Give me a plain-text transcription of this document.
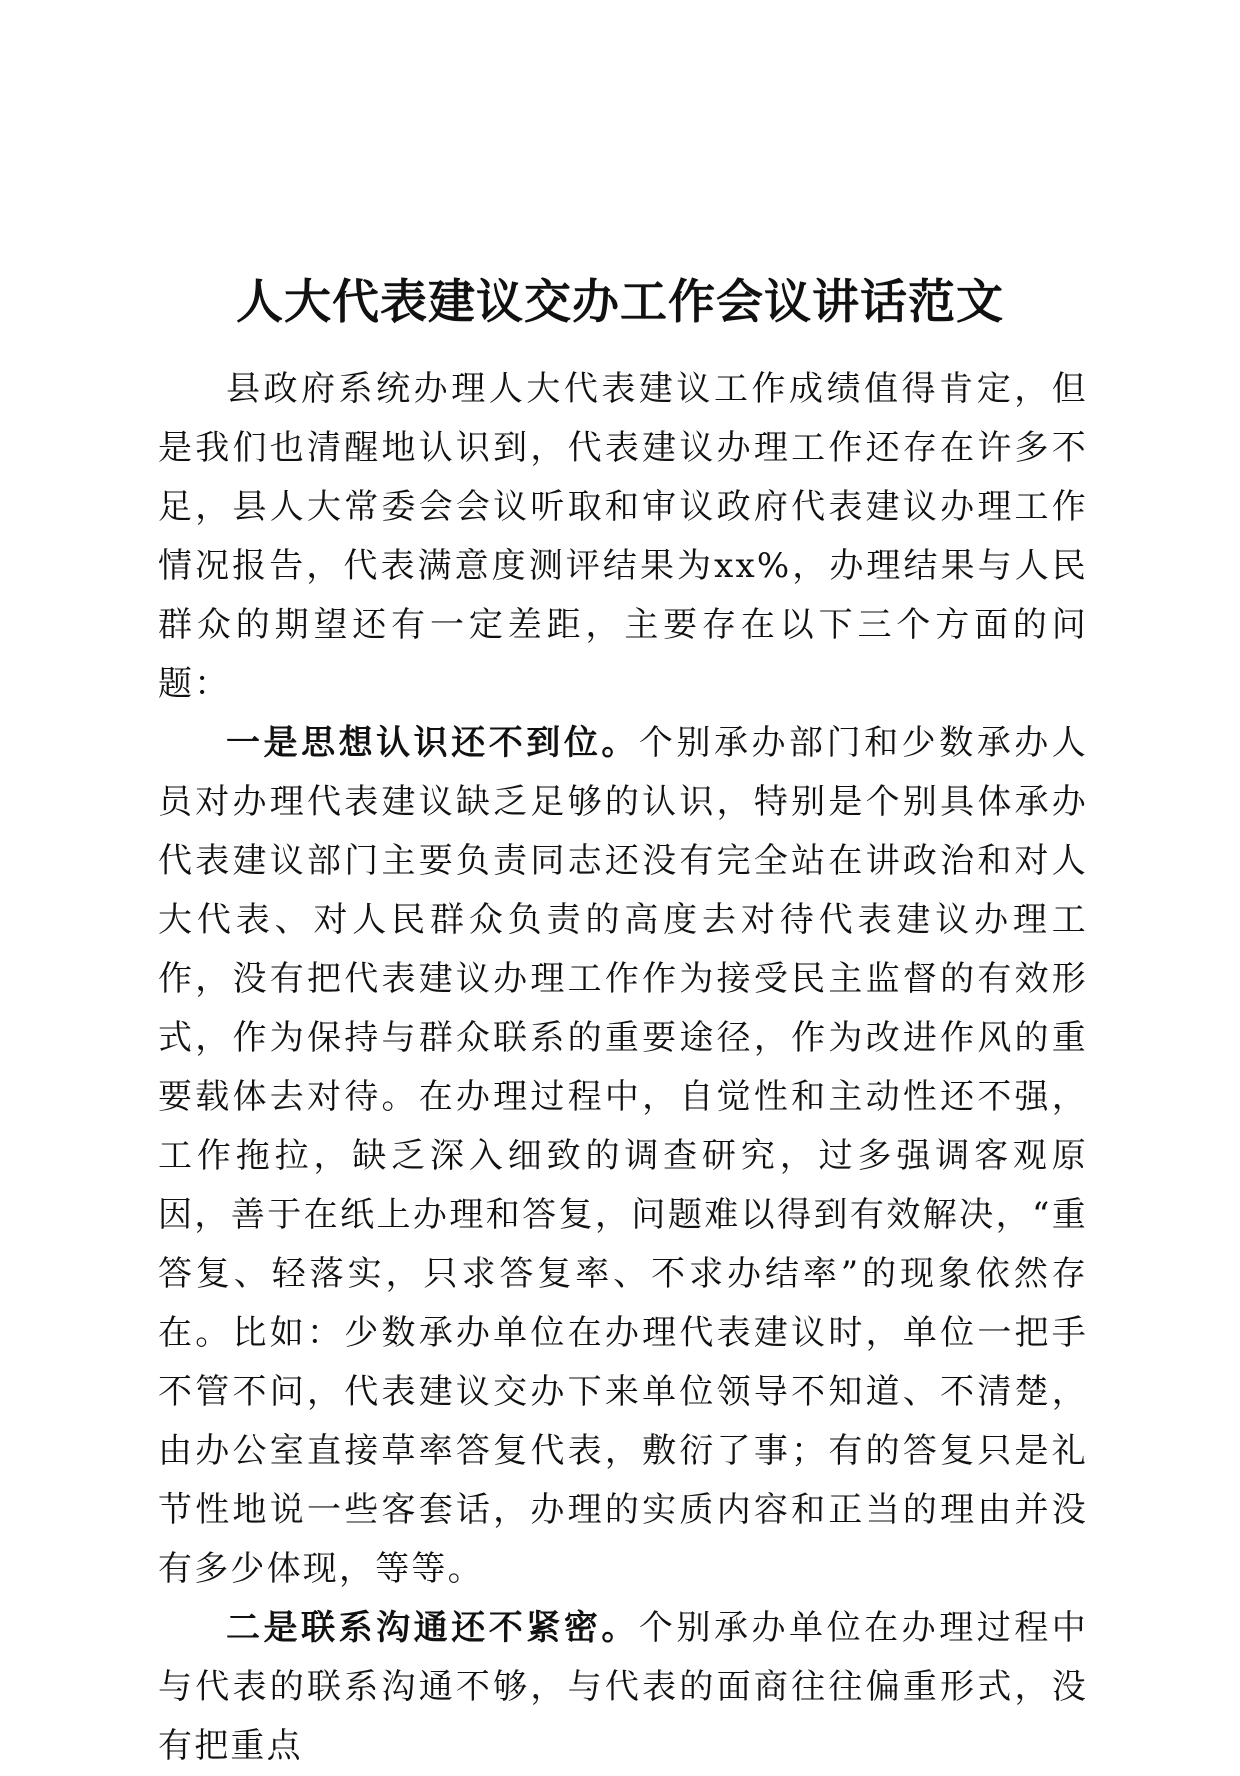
人大代表建议交办工作会议讲话范文

县政府系统办理人大代表建议工作成绩值得肯定，但是我们也清醒地认识到，代表建议办理工作还存在许多不足，县人大常委会会议听取和审议政府代表建议办理工作情况报告，代表满意度测评结果为xx%，办理结果与人民群众的期望还有一定差距，主要存在以下三个方面的问题：

一是思想认识还不到位。个别承办部门和少数承办人员对办理代表建议缺乏足够的认识，特别是个别具体承办代表建议部门主要负责同志还没有完全站在讲政治和对人大代表、对人民群众负责的高度去对待代表建议办理工作，没有把代表建议办理工作作为接受民主监督的有效形式，作为保持与群众联系的重要途径，作为改进作风的重要载体去对待。在办理过程中，自觉性和主动性还不强，工作拖拉，缺乏深入细致的调查研究，过多强调客观原因，善于在纸上办理和答复，问题难以得到有效解决，“重答复、轻落实，只求答复率、不求办结率”的现象依然存在。比如：少数承办单位在办理代表建议时，单位一把手不管不问，代表建议交办下来单位领导不知道、不清楚，由办公室直接草率答复代表，敷衍了事；有的答复只是礼节性地说一些客套话，办理的实质内容和正当的理由并没有多少体现，等等。

二是联系沟通还不紧密。个别承办单位在办理过程中与代表的联系沟通不够，与代表的面商往往偏重形式，没有把重点
